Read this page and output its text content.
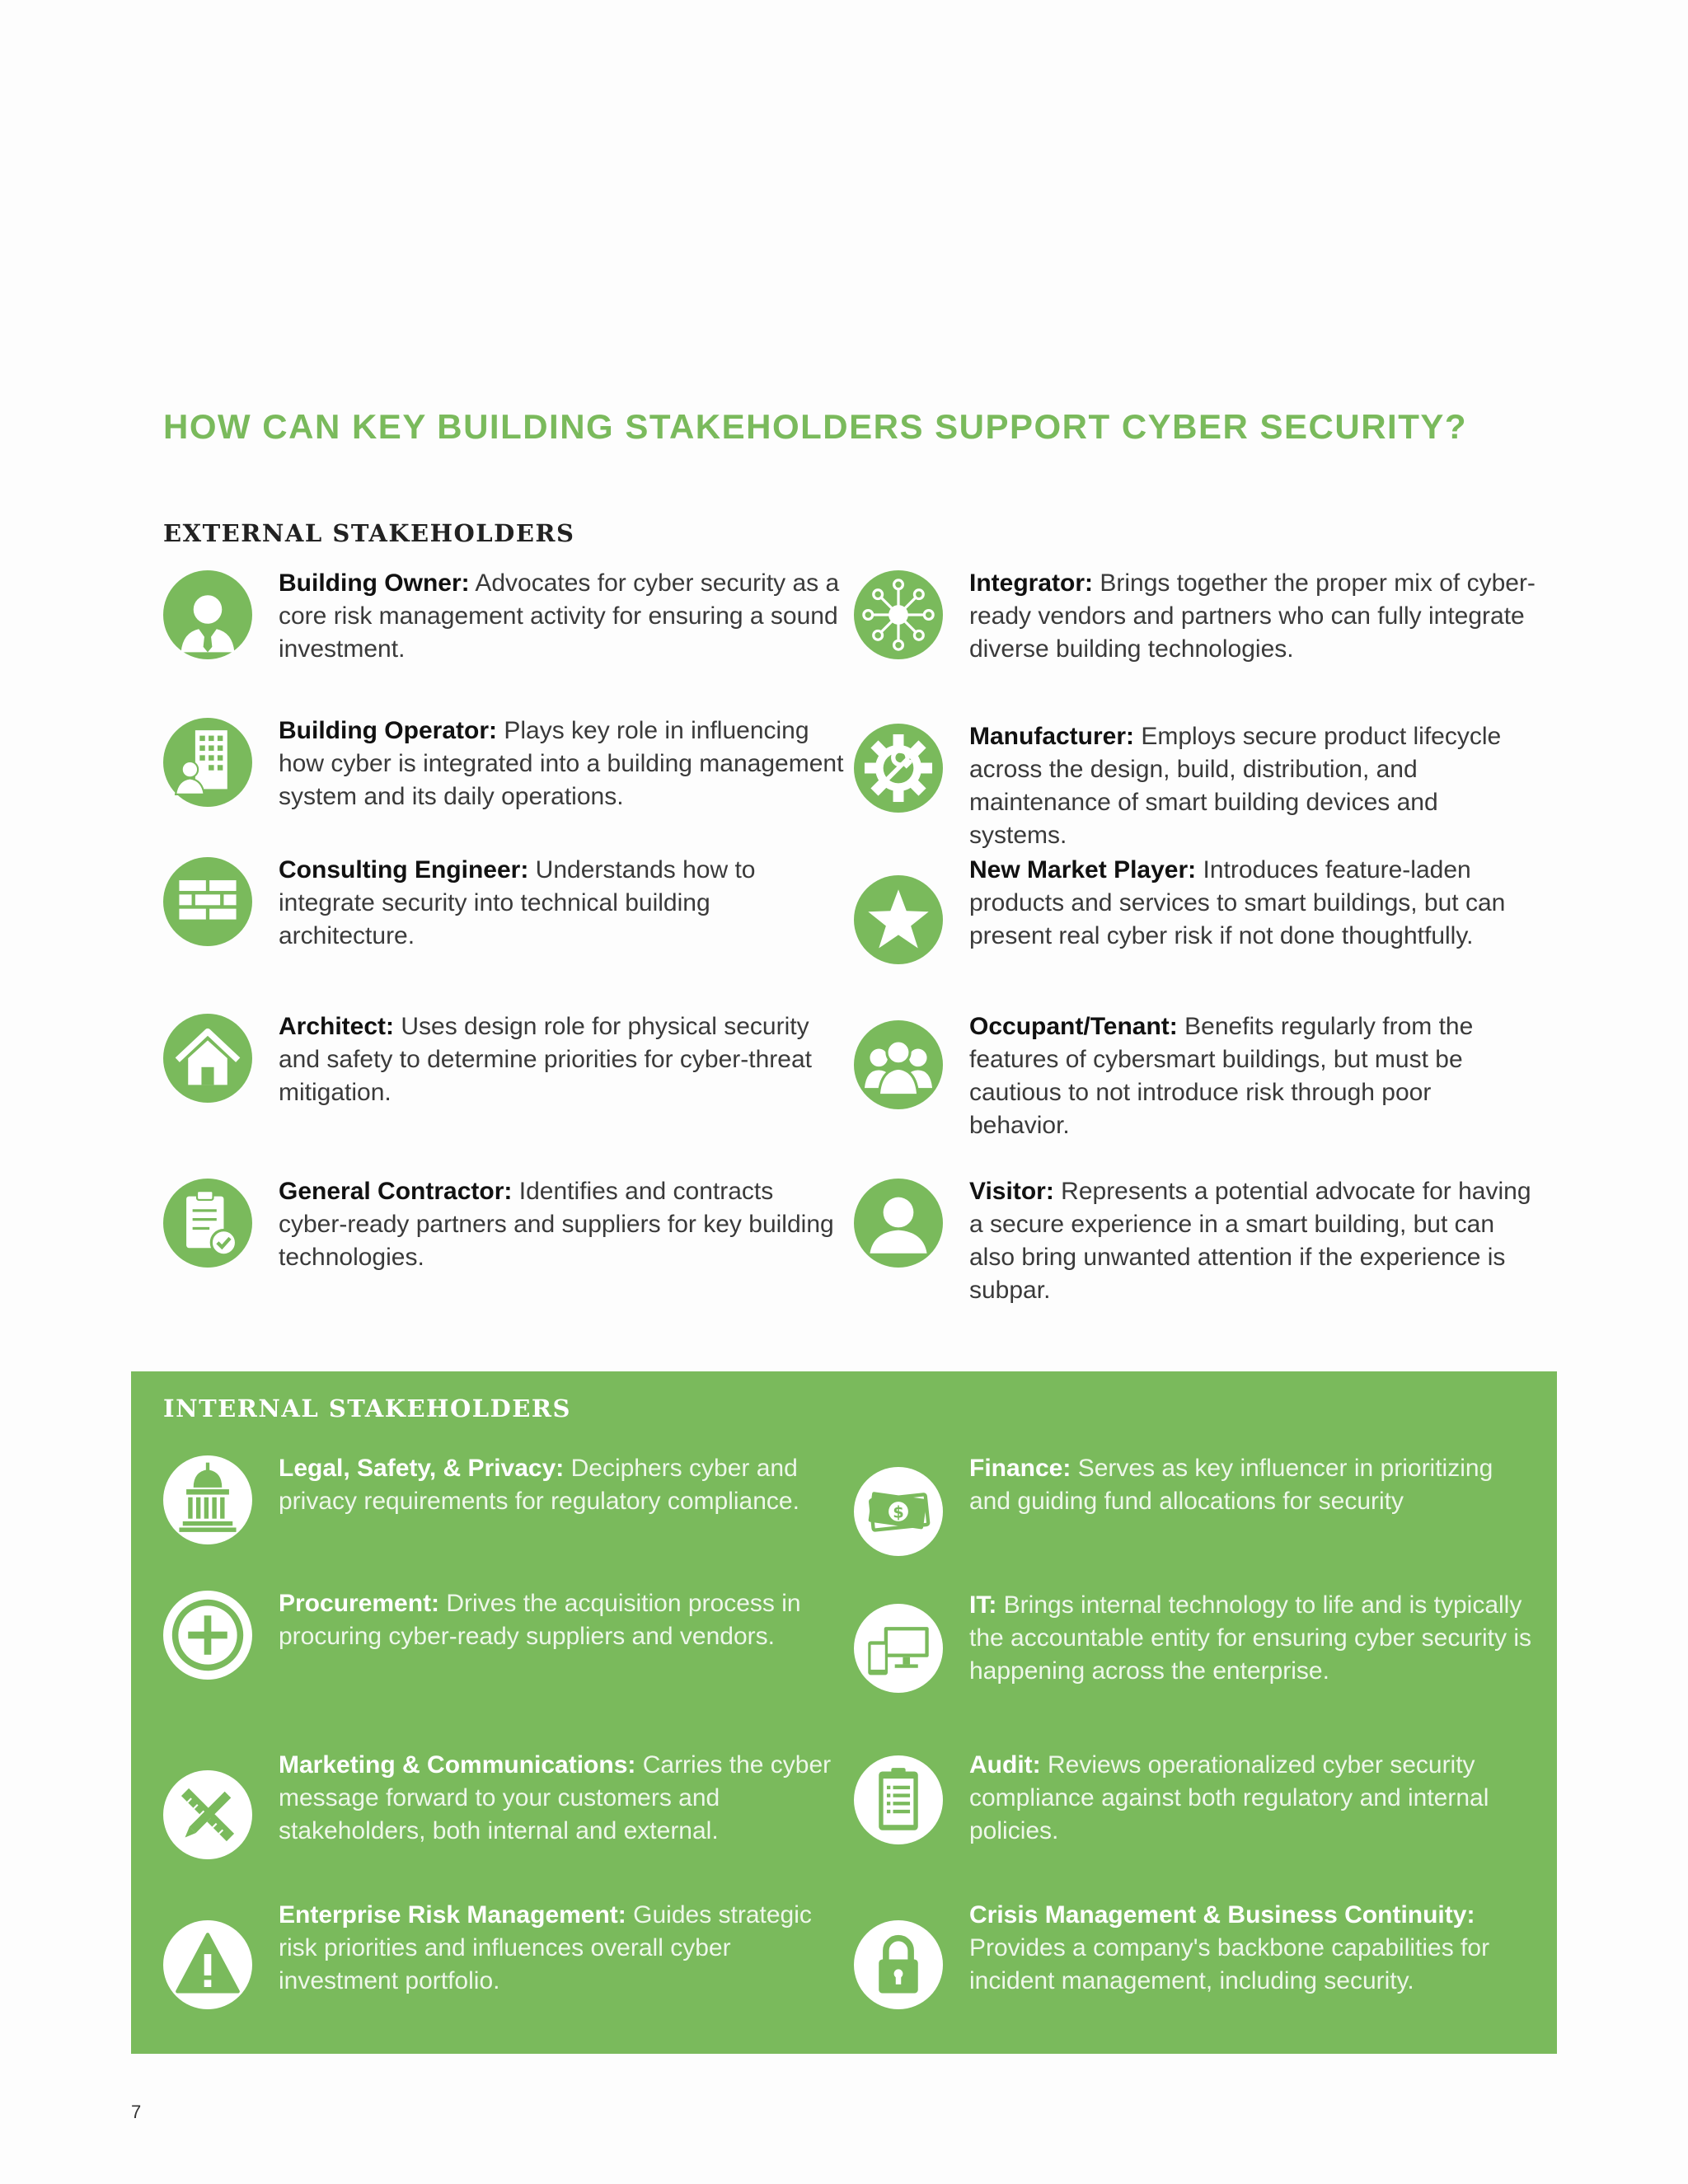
HOW CAN KEY BUILDING STAKEHOLDERS SUPPORT CYBER SECURITY?
EXTERNAL STAKEHOLDERS

Building Owner: Advocates for cyber security as a core risk management activity for ensuring a sound investment.

Building Operator: Plays key role in influencing how cyber is integrated into a building management system and its daily operations.

Consulting Engineer: Understands how to integrate security into technical building architecture.

Architect: Uses design role for physical security and safety to determine priorities for cyber-threat mitigation.

General Contractor: Identifies and contracts cyber-ready partners and suppliers for key building technologies.

Integrator: Brings together the proper mix of cyber-ready vendors and partners who can fully integrate diverse building technologies.

Manufacturer: Employs secure product lifecycle across the design, build, distribution, and maintenance of smart building devices and systems.

New Market Player: Introduces feature-laden products and services to smart buildings, but can present real cyber risk if not done thoughtfully.

Occupant/Tenant: Benefits regularly from the features of cybersmart buildings, but must be cautious to not introduce risk through poor behavior.

Visitor: Represents a potential advocate for having a secure experience in a smart building, but can also bring unwanted attention if the experience is subpar.

INTERNAL STAKEHOLDERS

Legal, Safety, & Privacy: Deciphers cyber and privacy requirements for regulatory compliance.

Procurement: Drives the acquisition process in procuring cyber-ready suppliers and vendors.

Marketing & Communications: Carries the cyber message forward to your customers and stakeholders, both internal and external.

Enterprise Risk Management: Guides strategic risk priorities and influences overall cyber investment portfolio.

$

Finance: Serves as key influencer in prioritizing and guiding fund allocations for security

IT: Brings internal technology to life and is typically the accountable entity for ensuring cyber security is happening across the enterprise.

Audit: Reviews operationalized cyber security compliance against both regulatory and internal policies.

Crisis Management & Business Continuity:
Provides a company's backbone capabilities for incident management, including security.

7
